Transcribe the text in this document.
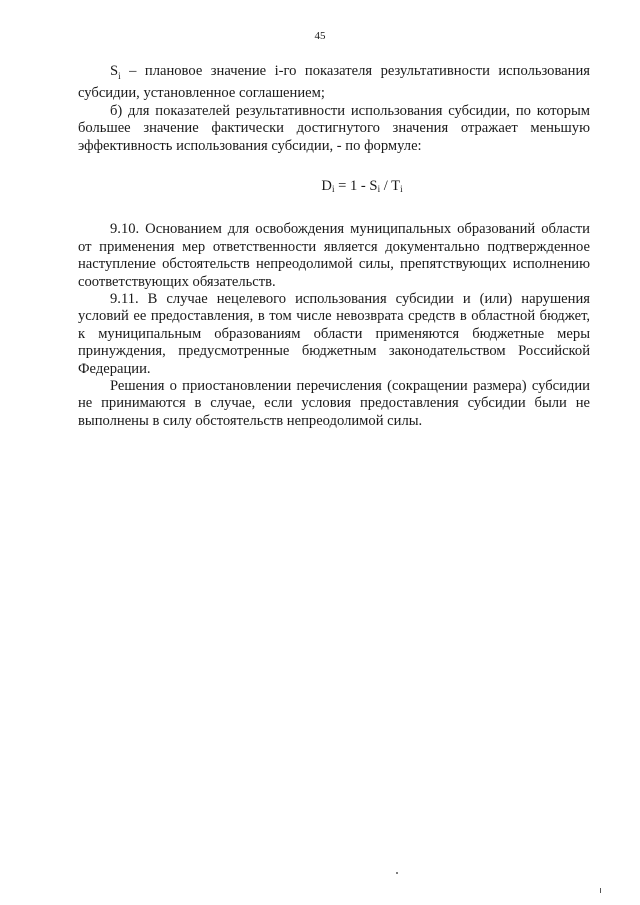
45

$S_i$ – плановое значение i-го показателя результативности использования субсидии, установленное соглашением;

б) для показателей результативности использования субсидии, по которым большее значение фактически достигнутого значения отражает меньшую эффективность использования субсидии, - по формуле:

$D_i = 1 - S_i / T_i$

9.10. Основанием для освобождения муниципальных образований области от применения мер ответственности является документально подтвержденное наступление обстоятельств непреодолимой силы, препятствующих исполнению соответствующих обязательств.

9.11. В случае нецелевого использования субсидии и (или) нарушения условий ее предоставления, в том числе невозврата средств в областной бюджет, к муниципальным образованиям области применяются бюджетные меры принуждения, предусмотренные бюджетным законодательством Российской Федерации.

Решения о приостановлении перечисления (сокращении размера) субсидии не принимаются в случае, если условия предоставления субсидии были не выполнены в силу обстоятельств непреодолимой силы.
